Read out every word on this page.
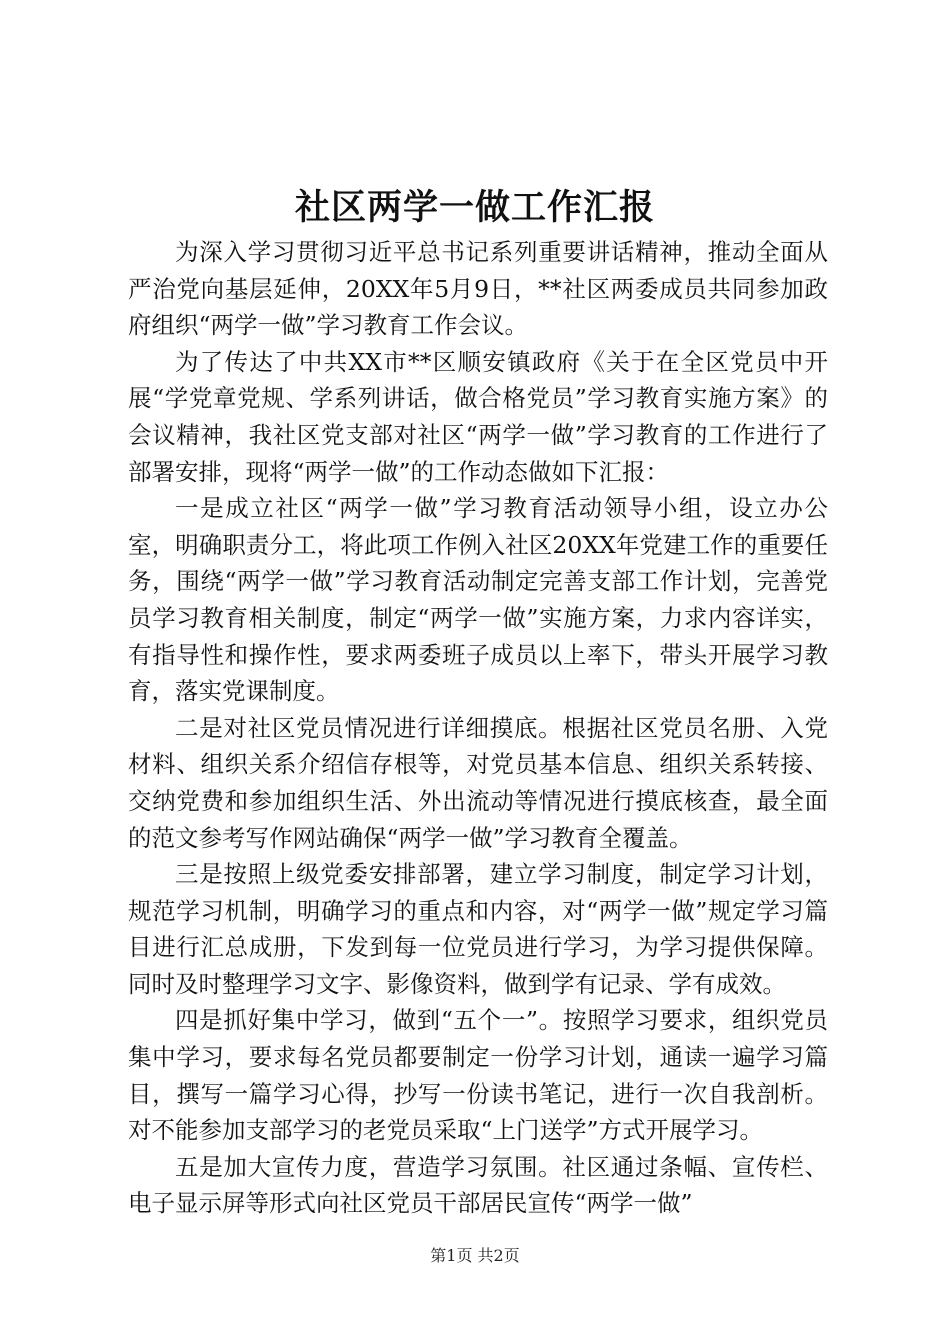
社区两学一做工作汇报

为深入学习贯彻习近平总书记系列重要讲话精神，推动全面从严治党向基层延伸，20XX年5月9日，**社区两委成员共同参加政府组织“两学一做”学习教育工作会议。

为了传达了中共XX市**区顺安镇政府《关于在全区党员中开展“学党章党规、学系列讲话，做合格党员”学习教育实施方案》的会议精神，我社区党支部对社区“两学一做”学习教育的工作进行了部署安排，现将“两学一做”的工作动态做如下汇报：

一是成立社区“两学一做”学习教育活动领导小组，设立办公室，明确职责分工，将此项工作例入社区20XX年党建工作的重要任务，围绕“两学一做”学习教育活动制定完善支部工作计划，完善党员学习教育相关制度，制定“两学一做”实施方案，力求内容详实，有指导性和操作性，要求两委班子成员以上率下，带头开展学习教育，落实党课制度。

二是对社区党员情况进行详细摸底。根据社区党员名册、入党材料、组织关系介绍信存根等，对党员基本信息、组织关系转接、交纳党费和参加组织生活、外出流动等情况进行摸底核查，最全面的范文参考写作网站确保“两学一做”学习教育全覆盖。

三是按照上级党委安排部署，建立学习制度，制定学习计划，规范学习机制，明确学习的重点和内容，对“两学一做”规定学习篇目进行汇总成册，下发到每一位党员进行学习，为学习提供保障。同时及时整理学习文字、影像资料，做到学有记录、学有成效。

四是抓好集中学习，做到“五个一”。按照学习要求，组织党员集中学习，要求每名党员都要制定一份学习计划，通读一遍学习篇目，撰写一篇学习心得，抄写一份读书笔记，进行一次自我剖析。对不能参加支部学习的老党员采取“上门送学”方式开展学习。

五是加大宣传力度，营造学习氛围。社区通过条幅、宣传栏、电子显示屏等形式向社区党员干部居民宣传“两学一做”

第1页 共2页
